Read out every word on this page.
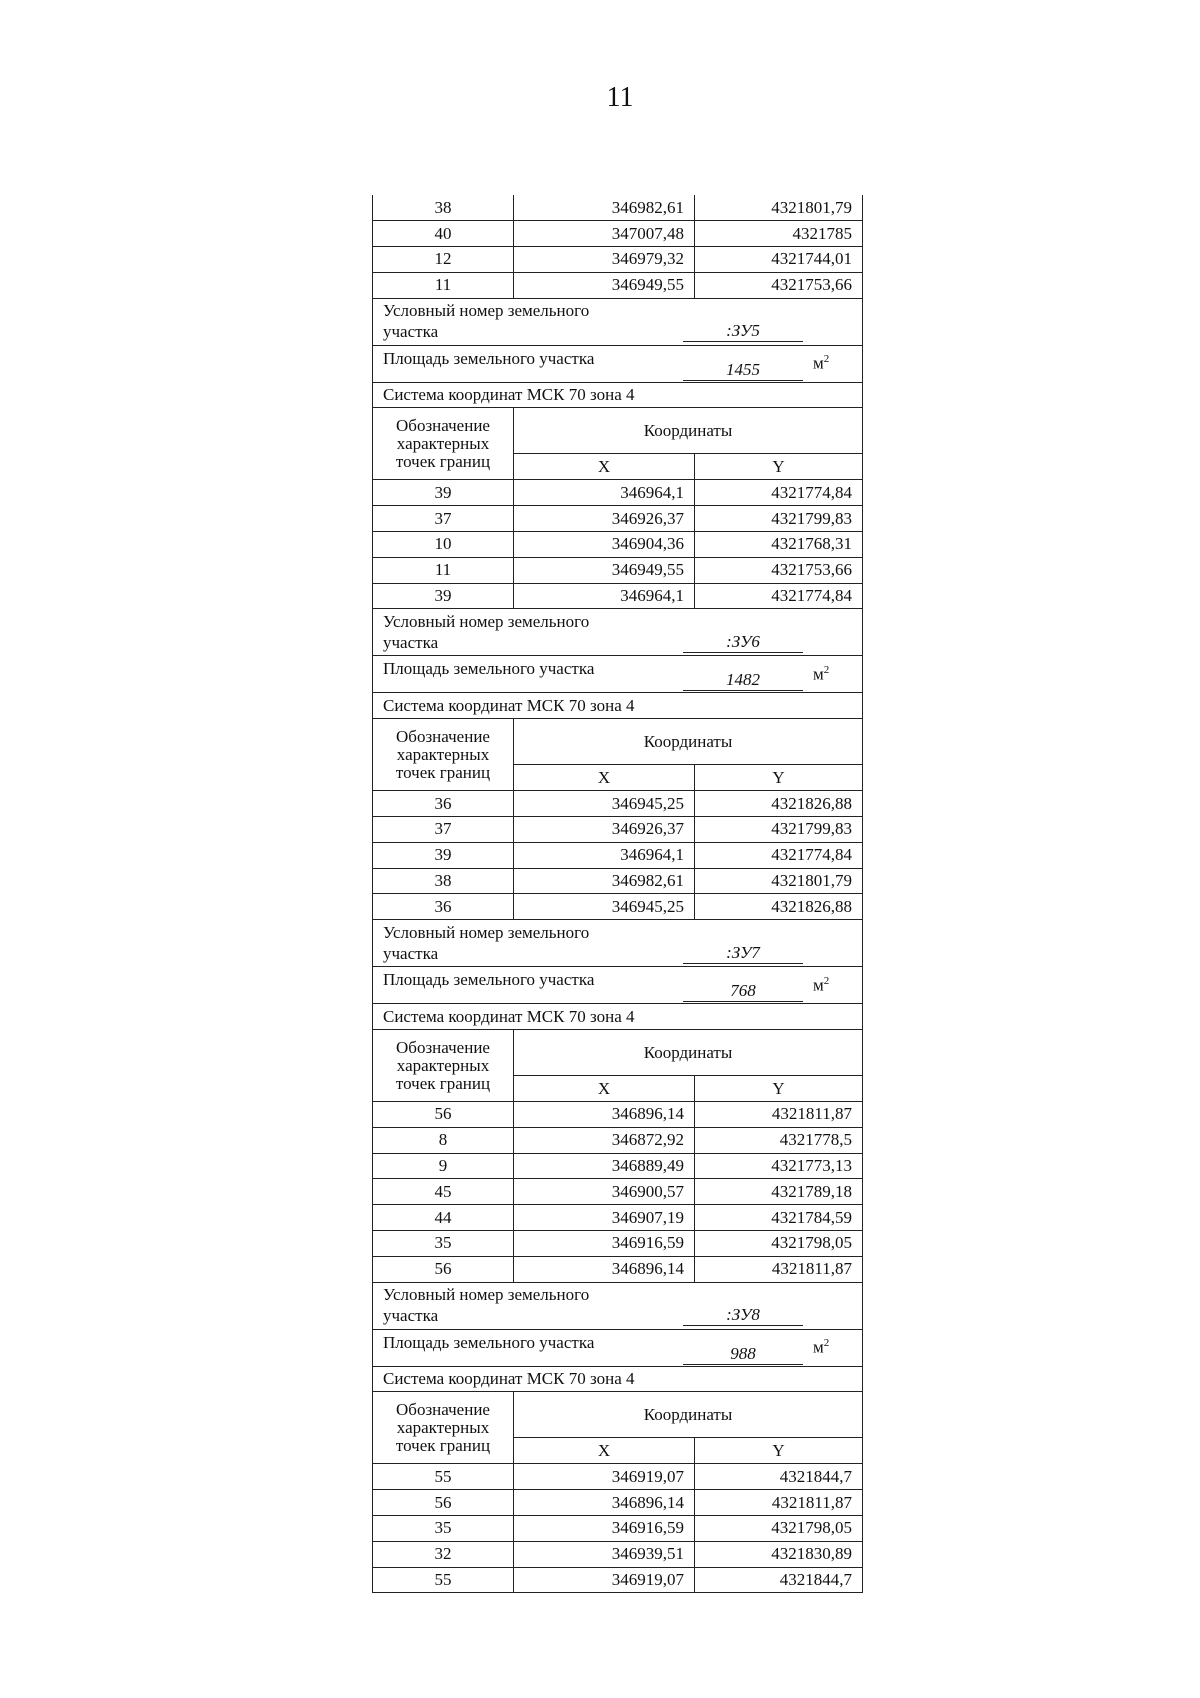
11
38	346982,61	4321801,79
40	347007,48	4321785
12	346979,32	4321744,01
11	346949,55	4321753,66

Условный номер земельного
участка :ЗУ5		

Площадь земельного участка
1455 $м^2$

Система координат МСК 70 зона 4		

Обозначение
характерных
точек границ	Координаты	
	X	Y
39	346964,1	4321774,84
37	346926,37	4321799,83
10	346904,36	4321768,31
11	346949,55	4321753,66
39	346964,1	4321774,84

Условный номер земельного
участка :ЗУ6		

Площадь земельного участка
1482 $м^2$

Система координат МСК 70 зона 4		

Обозначение
характерных
точек границ	Координаты	
	X	Y
36	346945,25	4321826,88
37	346926,37	4321799,83
39	346964,1	4321774,84
38	346982,61	4321801,79
36	346945,25	4321826,88

Условный номер земельного
участка :ЗУ7		

Площадь земельного участка
768 $м^2$

Система координат МСК 70 зона 4		

Обозначение
характерных
точек границ	Координаты	
	X	Y
56	346896,14	4321811,87
8	346872,92	4321778,5
9	346889,49	4321773,13
45	346900,57	4321789,18
44	346907,19	4321784,59
35	346916,59	4321798,05
56	346896,14	4321811,87

Условный номер земельного
участка :ЗУ8		

Площадь земельного участка
988 $м^2$

Система координат МСК 70 зона 4		

Обозначение
характерных
точек границ	Координаты	
	X	Y
55	346919,07	4321844,7
56	346896,14	4321811,87
35	346916,59	4321798,05
32	346939,51	4321830,89
55	346919,07	4321844,7
